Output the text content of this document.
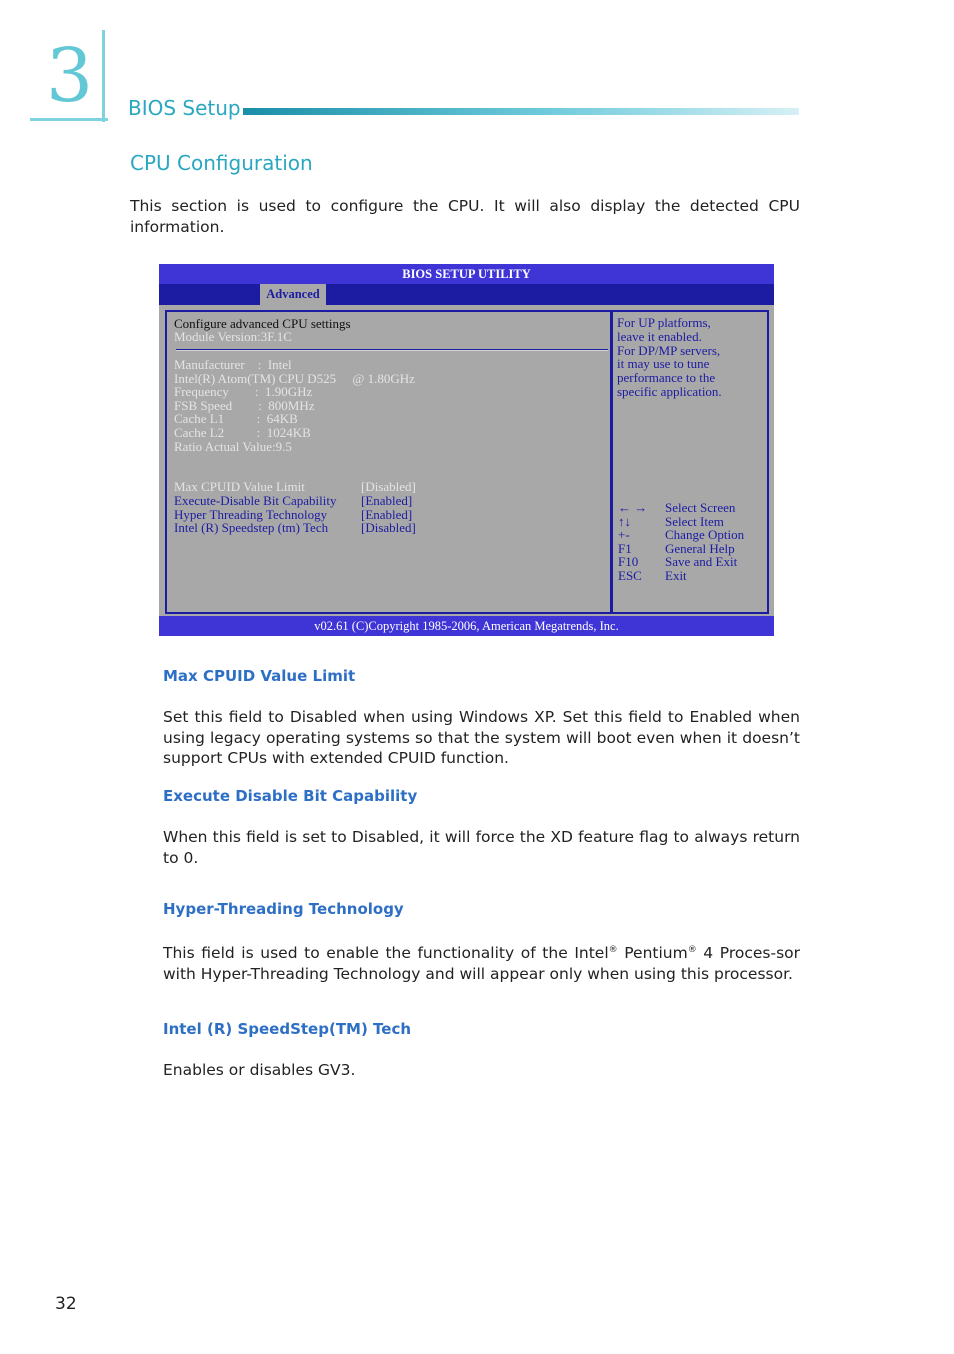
3 BIOS Setup
CPU Configuration
This section is used to configure the CPU. It will also display the detected CPU information.
BIOS SETUP UTILITY
Advanced
Configure advanced CPU settings
Module Version:3F.1C
Manufacturer    :  Intel
Intel(R) Atom(TM) CPU D525     @ 1.80GHz
Frequency        :  1.90GHz
FSB Speed        :  800MHz
Cache L1          :  64KB
Cache L2          :  1024KB
Ratio Actual Value:9.5
Max CPUID Value Limit	[Disabled]
Execute-Disable Bit Capability [Enabled]
Hyper Threading Technology	[Enabled]
Intel (R) Speedstep (tm) Tech	[Disabled]
For UP platforms,
leave it enabled.
For DP/MP servers,
it may use to tune
performance to the
specific application.
← → Select Screen
↑↓	Select Item
+-	Change Option
F1	General Help
F10 Save and Exit
ESC Exit
v02.61 (C)Copyright 1985-2006, American Megatrends, Inc.
Max CPUID Value Limit
Set this field to Disabled when using Windows XP. Set this field to Enabled when using legacy operating systems so that the system will boot even when it doesn’t support CPUs with extended CPUID function.
Execute Disable Bit Capability
When this field is set to Disabled, it will force the XD feature flag to always return to 0.
Hyper-Threading Technology
This field is used to enable the functionality of the Intel® Pentium® 4 Proces-sor with Hyper-Threading Technology and will appear only when using this processor.
Intel (R) SpeedStep(TM) Tech
Enables or disables GV3.
32
